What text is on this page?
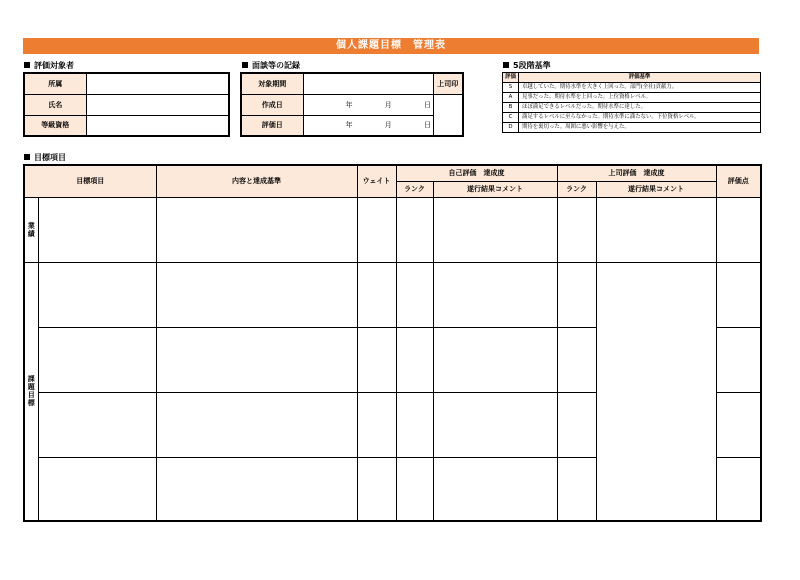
個人課題目標　管理表
評価対象者	面談等の記録	5段階基準
目標項目
所属	
氏名	
等級資格	
対象期間		上司印
作成日	年 月 日	
評価日	年 月 日	
評価	評価基準
S	卓越していた。期待水準を大きく上回った。部門(全社)貢献力。
A	見事だった。期待水準を上回った。上位資格レベル。
B	ほぼ満足できるレベルだった。期待水準に達した。
C	満足するレベルに至らなかった。期待水準に満たない。下位資格レベル。
D	期待を裏切った。周囲に悪い影響を与えた。
目標項目		内容と達成基準	ウェイト	自己評価　達成度		上司評価　達成度		評価点
				ランク	遂行結果コメント	ランク	遂行結果コメント	
業績								
課題目標								
